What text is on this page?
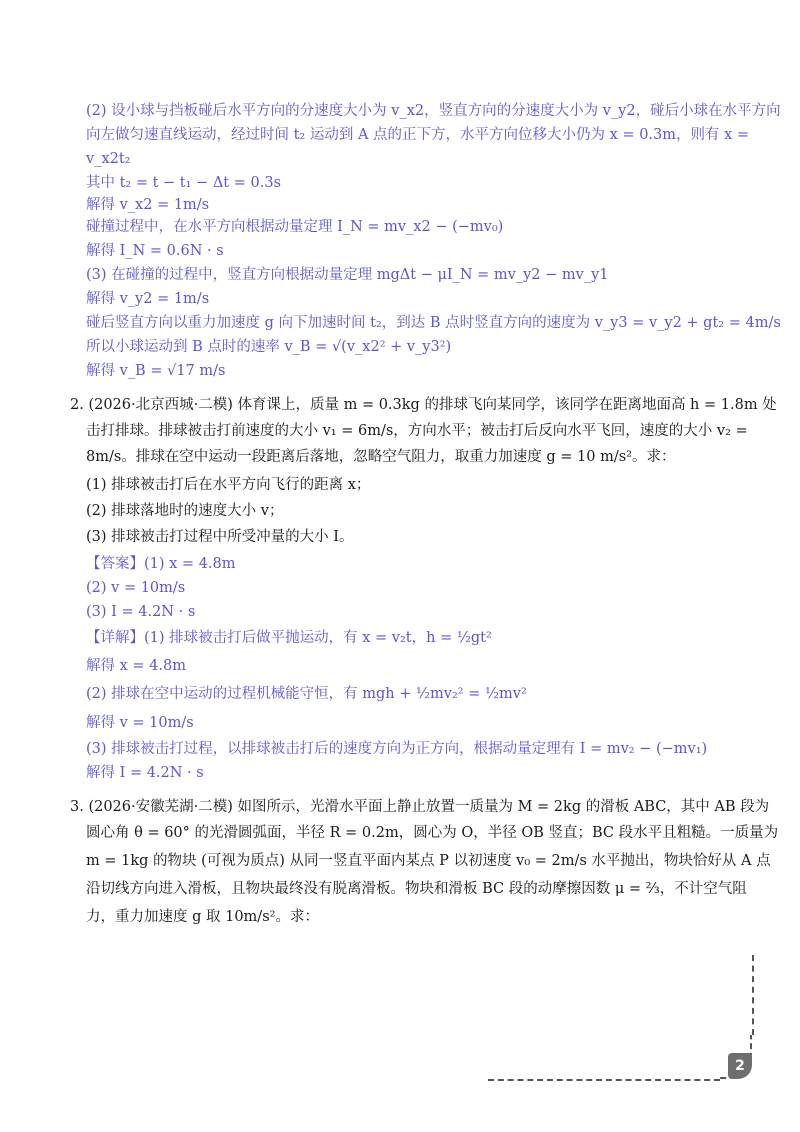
(2) 设小球与挡板碰后水平方向的分速度大小为 v_x2，竖直方向的分速度大小为 v_y2，碰后小球在水平方向
向左做匀速直线运动，经过时间 t₂ 运动到 A 点的正下方，水平方向位移大小仍为 x = 0.3m，则有 x =
v_x2t₂
其中 t₂ = t − t₁ − Δt = 0.3s
解得 v_x2 = 1m/s
碰撞过程中，在水平方向根据动量定理 I_N = mv_x2 − (−mv₀)
解得 I_N = 0.6N · s
(3) 在碰撞的过程中，竖直方向根据动量定理 mgΔt − μI_N = mv_y2 − mv_y1
解得 v_y2 = 1m/s
碰后竖直方向以重力加速度 g 向下加速时间 t₂，到达 B 点时竖直方向的速度为 v_y3 = v_y2 + gt₂ = 4m/s
所以小球运动到 B 点时的速率 v_B = √(v_x2² + v_y3²)
解得 v_B = √17 m/s
2. (2026·北京西城·二模) 体育课上，质量 m = 0.3kg 的排球飞向某同学，该同学在距离地面高 h = 1.8m 处
击打排球。排球被击打前速度的大小 v₁ = 6m/s，方向水平；被击打后反向水平飞回，速度的大小 v₂ =
8m/s。排球在空中运动一段距离后落地，忽略空气阻力，取重力加速度 g = 10 m/s²。求：
(1) 排球被击打后在水平方向飞行的距离 x；
(2) 排球落地时的速度大小 v；
(3) 排球被击打过程中所受冲量的大小 I。
【答案】(1) x = 4.8m
(2) v = 10m/s
(3) I = 4.2N · s
【详解】(1) 排球被击打后做平抛运动，有 x = v₂t，h = ½gt²
解得 x = 4.8m
(2) 排球在空中运动的过程机械能守恒，有 mgh + ½mv₂² = ½mv²
解得 v = 10m/s
(3) 排球被击打过程，以排球被击打后的速度方向为正方向，根据动量定理有 I = mv₂ − (−mv₁)
解得 I = 4.2N · s
3. (2026·安徽芜湖·二模) 如图所示，光滑水平面上静止放置一质量为 M = 2kg 的滑板 ABC，其中 AB 段为
圆心角 θ = 60° 的光滑圆弧面，半径 R = 0.2m，圆心为 O，半径 OB 竖直；BC 段水平且粗糙。一质量为
m = 1kg 的物块 (可视为质点) 从同一竖直平面内某点 P 以初速度 v₀ = 2m/s 水平抛出，物块恰好从 A 点
沿切线方向进入滑板，且物块最终没有脱离滑板。物块和滑板 BC 段的动摩擦因数 μ = ⅔，不计空气阻
力，重力加速度 g 取 10m/s²。求：
2
